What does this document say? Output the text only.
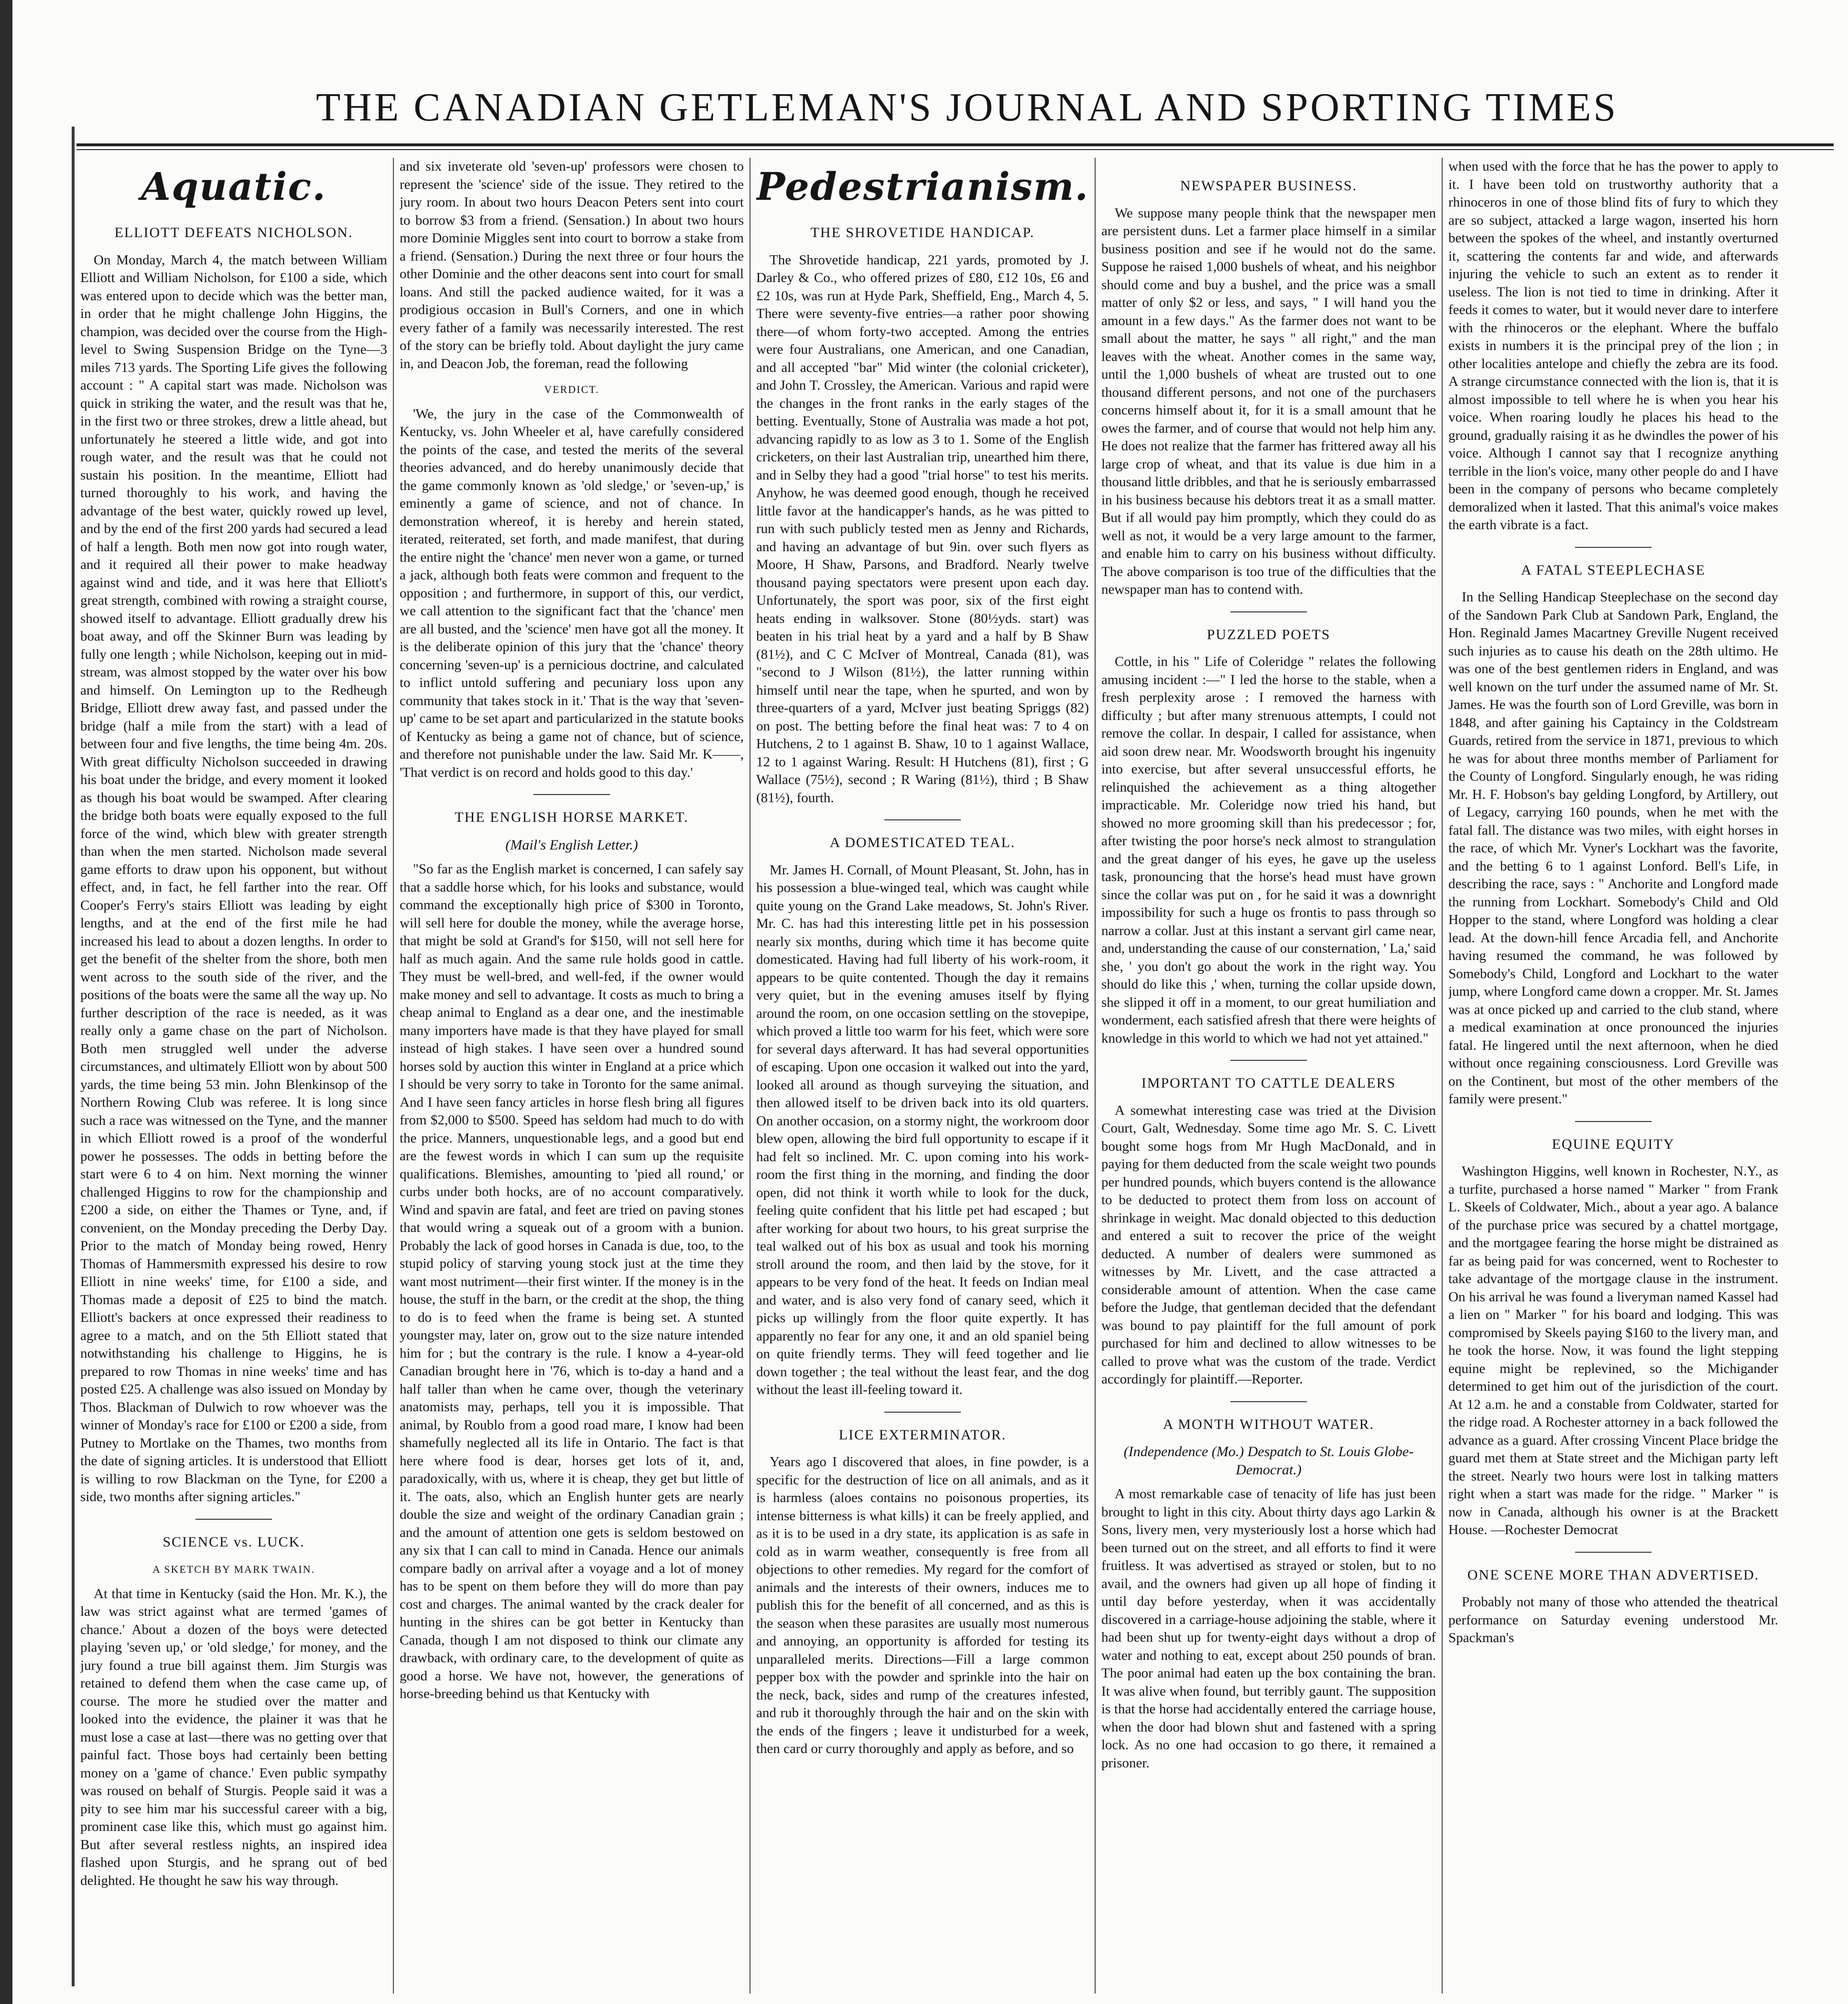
THE CANADIAN GETLEMAN'S JOURNAL AND SPORTING TIMES
Aquatic.
ELLIOTT DEFEATS NICHOLSON.

On Monday, March 4, the match between William Elliott and William Nicholson, for £100 a side, which was entered upon to decide which was the better man, in order that he might challenge John Higgins, the champion, was decided over the course from the High-level to Swing Suspension Bridge on the Tyne—3 miles 713 yards. The Sporting Life gives the following account : " A capital start was made. Nicholson was quick in striking the water, and the result was that he, in the first two or three strokes, drew a little ahead, but unfortunately he steered a little wide, and got into rough water, and the result was that he could not sustain his position. In the meantime, Elliott had turned thoroughly to his work, and having the advantage of the best water, quickly rowed up level, and by the end of the first 200 yards had secured a lead of half a length. Both men now got into rough water, and it required all their power to make headway against wind and tide, and it was here that Elliott's great strength, combined with rowing a straight course, showed itself to advantage. Elliott gradually drew his boat away, and off the Skinner Burn was leading by fully one length ; while Nicholson, keeping out in mid-stream, was almost stopped by the water over his bow and himself. On Lemington up to the Redheugh Bridge, Elliott drew away fast, and passed under the bridge (half a mile from the start) with a lead of between four and five lengths, the time being 4m. 20s. With great difficulty Nicholson succeeded in drawing his boat under the bridge, and every moment it looked as though his boat would be swamped. After clearing the bridge both boats were equally exposed to the full force of the wind, which blew with greater strength than when the men started. Nicholson made several game efforts to draw upon his opponent, but without effect, and, in fact, he fell farther into the rear. Off Cooper's Ferry's stairs Elliott was leading by eight lengths, and at the end of the first mile he had increased his lead to about a dozen lengths. In order to get the benefit of the shelter from the shore, both men went across to the south side of the river, and the positions of the boats were the same all the way up. No further description of the race is needed, as it was really only a game chase on the part of Nicholson. Both men struggled well under the adverse circumstances, and ultimately Elliott won by about 500 yards, the time being 53 min. John Blenkinsop of the Northern Rowing Club was referee. It is long since such a race was witnessed on the Tyne, and the manner in which Elliott rowed is a proof of the wonderful power he possesses. The odds in betting before the start were 6 to 4 on him. Next morning the winner challenged Higgins to row for the championship and £200 a side, on either the Thames or Tyne, and, if convenient, on the Monday preceding the Derby Day. Prior to the match of Monday being rowed, Henry Thomas of Hammersmith expressed his desire to row Elliott in nine weeks' time, for £100 a side, and Thomas made a deposit of £25 to bind the match. Elliott's backers at once expressed their readiness to agree to a match, and on the 5th Elliott stated that notwithstanding his challenge to Higgins, he is prepared to row Thomas in nine weeks' time and has posted £25. A challenge was also issued on Monday by Thos. Blackman of Dulwich to row whoever was the winner of Monday's race for £100 or £200 a side, from Putney to Mortlake on the Thames, two months from the date of signing articles. It is understood that Elliott is willing to row Blackman on the Tyne, for £200 a side, two months after signing articles."

SCIENCE vs. LUCK.
A SKETCH BY MARK TWAIN.

At that time in Kentucky (said the Hon. Mr. K.), the law was strict against what are termed 'games of chance.' About a dozen of the boys were detected playing 'seven up,' or 'old sledge,' for money, and the jury found a true bill against them. Jim Sturgis was retained to defend them when the case came up, of course. The more he studied over the matter and looked into the evidence, the plainer it was that he must lose a case at last—there was no getting over that painful fact. Those boys had certainly been betting money on a 'game of chance.' Even public sympathy was roused on behalf of Sturgis. People said it was a pity to see him mar his successful career with a big, prominent case like this, which must go against him. But after several restless nights, an inspired idea flashed upon Sturgis, and he sprang out of bed delighted. He thought he saw his way through.

and six inveterate old 'seven-up' professors were chosen to represent the 'science' side of the issue. They retired to the jury room. In about two hours Deacon Peters sent into court to borrow $3 from a friend. (Sensation.) In about two hours more Dominie Miggles sent into court to borrow a stake from a friend. (Sensation.) During the next three or four hours the other Dominie and the other deacons sent into court for small loans. And still the packed audience waited, for it was a prodigious occasion in Bull's Corners, and one in which every father of a family was necessarily interested. The rest of the story can be briefly told. About daylight the jury came in, and Deacon Job, the foreman, read the following

VERDICT.

'We, the jury in the case of the Commonwealth of Kentucky, vs. John Wheeler et al, have carefully considered the points of the case, and tested the merits of the several theories advanced, and do hereby unanimously decide that the game commonly known as 'old sledge,' or 'seven-up,' is eminently a game of science, and not of chance. In demonstration whereof, it is hereby and herein stated, iterated, reiterated, set forth, and made manifest, that during the entire night the 'chance' men never won a game, or turned a jack, although both feats were common and frequent to the opposition ; and furthermore, in support of this, our verdict, we call attention to the significant fact that the 'chance' men are all busted, and the 'science' men have got all the money. It is the deliberate opinion of this jury that the 'chance' theory concerning 'seven-up' is a pernicious doctrine, and calculated to inflict untold suffering and pecuniary loss upon any community that takes stock in it.' That is the way that 'seven-up' came to be set apart and particularized in the statute books of Kentucky as being a game not of chance, but of science, and therefore not punishable under the law. Said Mr. K——, 'That verdict is on record and holds good to this day.'

THE ENGLISH HORSE MARKET.
(Mail's English Letter.)

"So far as the English market is concerned, I can safely say that a saddle horse which, for his looks and substance, would command the exceptionally high price of $300 in Toronto, will sell here for double the money, while the average horse, that might be sold at Grand's for $150, will not sell here for half as much again. And the same rule holds good in cattle. They must be well-bred, and well-fed, if the owner would make money and sell to advantage. It costs as much to bring a cheap animal to England as a dear one, and the inestimable many importers have made is that they have played for small instead of high stakes. I have seen over a hundred sound horses sold by auction this winter in England at a price which I should be very sorry to take in Toronto for the same animal. And I have seen fancy articles in horse flesh bring all figures from $2,000 to $500. Speed has seldom had much to do with the price. Manners, unquestionable legs, and a good but end are the fewest words in which I can sum up the requisite qualifications. Blemishes, amounting to 'pied all round,' or curbs under both hocks, are of no account comparatively. Wind and spavin are fatal, and feet are tried on paving stones that would wring a squeak out of a groom with a bunion. Probably the lack of good horses in Canada is due, too, to the stupid policy of starving young stock just at the time they want most nutriment—their first winter. If the money is in the house, the stuff in the barn, or the credit at the shop, the thing to do is to feed when the frame is being set. A stunted youngster may, later on, grow out to the size nature intended him for ; but the contrary is the rule. I know a 4-year-old Canadian brought here in '76, which is to-day a hand and a half taller than when he came over, though the veterinary anatomists may, perhaps, tell you it is impossible. That animal, by Roublo from a good road mare, I know had been shamefully neglected all its life in Ontario. The fact is that here where food is dear, horses get lots of it, and, paradoxically, with us, where it is cheap, they get but little of it. The oats, also, which an English hunter gets are nearly double the size and weight of the ordinary Canadian grain ; and the amount of attention one gets is seldom bestowed on any six that I can call to mind in Canada. Hence our animals compare badly on arrival after a voyage and a lot of money has to be spent on them before they will do more than pay cost and charges. The animal wanted by the crack dealer for hunting in the shires can be got better in Kentucky than Canada, though I am not disposed to think our climate any drawback, with ordinary care, to the development of quite as good a horse. We have not, however, the generations of horse-breeding behind us that Kentucky with

Pedestrianism.
THE SHROVETIDE HANDICAP.

The Shrovetide handicap, 221 yards, promoted by J. Darley & Co., who offered prizes of £80, £12 10s, £6 and £2 10s, was run at Hyde Park, Sheffield, Eng., March 4, 5. There were seventy-five entries—a rather poor showing there—of whom forty-two accepted. Among the entries were four Australians, one American, and one Canadian, and all accepted "bar" Mid winter (the colonial cricketer), and John T. Crossley, the American. Various and rapid were the changes in the front ranks in the early stages of the betting. Eventually, Stone of Australia was made a hot pot, advancing rapidly to as low as 3 to 1. Some of the English cricketers, on their last Australian trip, unearthed him there, and in Selby they had a good "trial horse" to test his merits. Anyhow, he was deemed good enough, though he received little favor at the handicapper's hands, as he was pitted to run with such publicly tested men as Jenny and Richards, and having an advantage of but 9in. over such flyers as Moore, H Shaw, Parsons, and Bradford. Nearly twelve thousand paying spectators were present upon each day. Unfortunately, the sport was poor, six of the first eight heats ending in walksover. Stone (80½yds. start) was beaten in his trial heat by a yard and a half by B Shaw (81½), and C C McIver of Montreal, Canada (81), was "second to J Wilson (81½), the latter running within himself until near the tape, when he spurted, and won by three-quarters of a yard, McIver just beating Spriggs (82) on post. The betting before the final heat was: 7 to 4 on Hutchens, 2 to 1 against B. Shaw, 10 to 1 against Wallace, 12 to 1 against Waring. Result: H Hutchens (81), first ; G Wallace (75½), second ; R Waring (81½), third ; B Shaw (81½), fourth.

A DOMESTICATED TEAL.

Mr. James H. Cornall, of Mount Pleasant, St. John, has in his possession a blue-winged teal, which was caught while quite young on the Grand Lake meadows, St. John's River. Mr. C. has had this interesting little pet in his possession nearly six months, during which time it has become quite domesticated. Having had full liberty of his work-room, it appears to be quite contented. Though the day it remains very quiet, but in the evening amuses itself by flying around the room, on one occasion settling on the stovepipe, which proved a little too warm for his feet, which were sore for several days afterward. It has had several opportunities of escaping. Upon one occasion it walked out into the yard, looked all around as though surveying the situation, and then allowed itself to be driven back into its old quarters. On another occasion, on a stormy night, the workroom door blew open, allowing the bird full opportunity to escape if it had felt so inclined. Mr. C. upon coming into his work-room the first thing in the morning, and finding the door open, did not think it worth while to look for the duck, feeling quite confident that his little pet had escaped ; but after working for about two hours, to his great surprise the teal walked out of his box as usual and took his morning stroll around the room, and then laid by the stove, for it appears to be very fond of the heat. It feeds on Indian meal and water, and is also very fond of canary seed, which it picks up willingly from the floor quite expertly. It has apparently no fear for any one, it and an old spaniel being on quite friendly terms. They will feed together and lie down together ; the teal without the least fear, and the dog without the least ill-feeling toward it.

LICE EXTERMINATOR.

Years ago I discovered that aloes, in fine powder, is a specific for the destruction of lice on all animals, and as it is harmless (aloes contains no poisonous properties, its intense bitterness is what kills) it can be freely applied, and as it is to be used in a dry state, its application is as safe in cold as in warm weather, consequently is free from all objections to other remedies. My regard for the comfort of animals and the interests of their owners, induces me to publish this for the benefit of all concerned, and as this is the season when these parasites are usually most numerous and annoying, an opportunity is afforded for testing its unparalleled merits. Directions—Fill a large common pepper box with the powder and sprinkle into the hair on the neck, back, sides and rump of the creatures infested, and rub it thoroughly through the hair and on the skin with the ends of the fingers ; leave it undisturbed for a week, then card or curry thoroughly and apply as before, and so

NEWSPAPER BUSINESS.

We suppose many people think that the newspaper men are persistent duns. Let a farmer place himself in a similar business position and see if he would not do the same. Suppose he raised 1,000 bushels of wheat, and his neighbor should come and buy a bushel, and the price was a small matter of only $2 or less, and says, " I will hand you the amount in a few days." As the farmer does not want to be small about the matter, he says " all right," and the man leaves with the wheat. Another comes in the same way, until the 1,000 bushels of wheat are trusted out to one thousand different persons, and not one of the purchasers concerns himself about it, for it is a small amount that he owes the farmer, and of course that would not help him any. He does not realize that the farmer has frittered away all his large crop of wheat, and that its value is due him in a thousand little dribbles, and that he is seriously embarrassed in his business because his debtors treat it as a small matter. But if all would pay him promptly, which they could do as well as not, it would be a very large amount to the farmer, and enable him to carry on his business without difficulty. The above comparison is too true of the difficulties that the newspaper man has to contend with.

PUZZLED POETS

Cottle, in his " Life of Coleridge " relates the following amusing incident :—" I led the horse to the stable, when a fresh perplexity arose : I removed the harness with difficulty ; but after many strenuous attempts, I could not remove the collar. In despair, I called for assistance, when aid soon drew near. Mr. Woodsworth brought his ingenuity into exercise, but after several unsuccessful efforts, he relinquished the achievement as a thing altogether impracticable. Mr. Coleridge now tried his hand, but showed no more grooming skill than his predecessor ; for, after twisting the poor horse's neck almost to strangulation and the great danger of his eyes, he gave up the useless task, pronouncing that the horse's head must have grown since the collar was put on , for he said it was a downright impossibility for such a huge os frontis to pass through so narrow a collar. Just at this instant a servant girl came near, and, understanding the cause of our consternation, ' La,' said she, ' you don't go about the work in the right way. You should do like this ,' when, turning the collar upside down, she slipped it off in a moment, to our great humiliation and wonderment, each satisfied afresh that there were heights of knowledge in this world to which we had not yet attained."

IMPORTANT TO CATTLE DEALERS

A somewhat interesting case was tried at the Division Court, Galt, Wednesday. Some time ago Mr. S. C. Livett bought some hogs from Mr Hugh MacDonald, and in paying for them deducted from the scale weight two pounds per hundred pounds, which buyers contend is the allowance to be deducted to protect them from loss on account of shrinkage in weight. Mac donald objected to this deduction and entered a suit to recover the price of the weight deducted. A number of dealers were summoned as witnesses by Mr. Livett, and the case attracted a considerable amount of attention. When the case came before the Judge, that gentleman decided that the defendant was bound to pay plaintiff for the full amount of pork purchased for him and declined to allow witnesses to be called to prove what was the custom of the trade. Verdict accordingly for plaintiff.—Reporter.

A MONTH WITHOUT WATER.
(Independence (Mo.) Despatch to St. Louis Globe-Democrat.)

A most remarkable case of tenacity of life has just been brought to light in this city. About thirty days ago Larkin & Sons, livery men, very mysteriously lost a horse which had been turned out on the street, and all efforts to find it were fruitless. It was advertised as strayed or stolen, but to no avail, and the owners had given up all hope of finding it until day before yesterday, when it was accidentally discovered in a carriage-house adjoining the stable, where it had been shut up for twenty-eight days without a drop of water and nothing to eat, except about 250 pounds of bran. The poor animal had eaten up the box containing the bran. It was alive when found, but terribly gaunt. The supposition is that the horse had accidentally entered the carriage house, when the door had blown shut and fastened with a spring lock. As no one had occasion to go there, it remained a prisoner.

when used with the force that he has the power to apply to it. I have been told on trustworthy authority that a rhinoceros in one of those blind fits of fury to which they are so subject, attacked a large wagon, inserted his horn between the spokes of the wheel, and instantly overturned it, scattering the contents far and wide, and afterwards injuring the vehicle to such an extent as to render it useless. The lion is not tied to time in drinking. After it feeds it comes to water, but it would never dare to interfere with the rhinoceros or the elephant. Where the buffalo exists in numbers it is the principal prey of the lion ; in other localities antelope and chiefly the zebra are its food. A strange circumstance connected with the lion is, that it is almost impossible to tell where he is when you hear his voice. When roaring loudly he places his head to the ground, gradually raising it as he dwindles the power of his voice. Although I cannot say that I recognize anything terrible in the lion's voice, many other people do and I have been in the company of persons who became completely demoralized when it lasted. That this animal's voice makes the earth vibrate is a fact.

A FATAL STEEPLECHASE

In the Selling Handicap Steeplechase on the second day of the Sandown Park Club at Sandown Park, England, the Hon. Reginald James Macartney Greville Nugent received such injuries as to cause his death on the 28th ultimo. He was one of the best gentlemen riders in England, and was well known on the turf under the assumed name of Mr. St. James. He was the fourth son of Lord Greville, was born in 1848, and after gaining his Captaincy in the Coldstream Guards, retired from the service in 1871, previous to which he was for about three months member of Parliament for the County of Longford. Singularly enough, he was riding Mr. H. F. Hobson's bay gelding Longford, by Artillery, out of Legacy, carrying 160 pounds, when he met with the fatal fall. The distance was two miles, with eight horses in the race, of which Mr. Vyner's Lockhart was the favorite, and the betting 6 to 1 against Lonford. Bell's Life, in describing the race, says : " Anchorite and Longford made the running from Lockhart. Somebody's Child and Old Hopper to the stand, where Longford was holding a clear lead. At the down-hill fence Arcadia fell, and Anchorite having resumed the command, he was followed by Somebody's Child, Longford and Lockhart to the water jump, where Longford came down a cropper. Mr. St. James was at once picked up and carried to the club stand, where a medical examination at once pronounced the injuries fatal. He lingered until the next afternoon, when he died without once regaining consciousness. Lord Greville was on the Continent, but most of the other members of the family were present."

EQUINE EQUITY

Washington Higgins, well known in Rochester, N.Y., as a turfite, purchased a horse named " Marker " from Frank L. Skeels of Coldwater, Mich., about a year ago. A balance of the purchase price was secured by a chattel mortgage, and the mortgagee fearing the horse might be distrained as far as being paid for was concerned, went to Rochester to take advantage of the mortgage clause in the instrument. On his arrival he was found a liveryman named Kassel had a lien on " Marker " for his board and lodging. This was compromised by Skeels paying $160 to the livery man, and he took the horse. Now, it was found the light stepping equine might be replevined, so the Michigander determined to get him out of the jurisdiction of the court. At 12 a.m. he and a constable from Coldwater, started for the ridge road. A Rochester attorney in a back followed the advance as a guard. After crossing Vincent Place bridge the guard met them at State street and the Michigan party left the street. Nearly two hours were lost in talking matters right when a start was made for the ridge. " Marker " is now in Canada, although his owner is at the Brackett House. —Rochester Democrat

ONE SCENE MORE THAN ADVERTISED.

Probably not many of those who attended the theatrical performance on Saturday evening understood Mr. Spackman's
